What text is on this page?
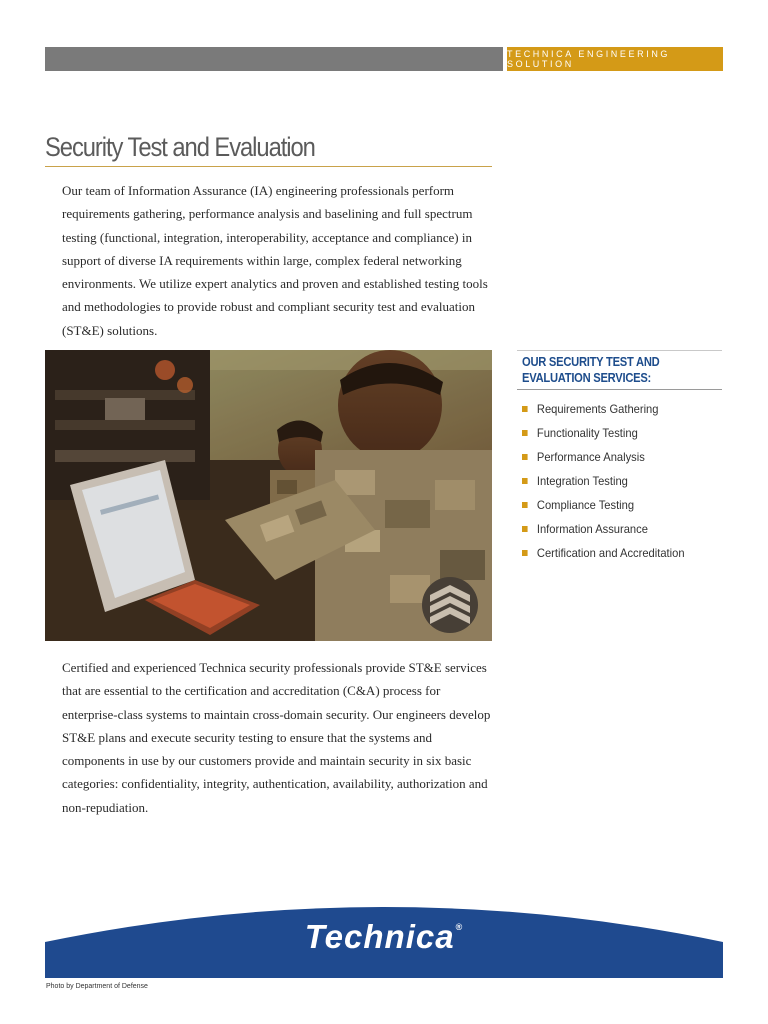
TECHNICA ENGINEERING SOLUTION
Security Test and Evaluation

Our team of Information Assurance (IA) engineering professionals perform requirements gathering, performance analysis and baselining and full spectrum testing (functional, integration, interoperability, acceptance and compliance) in support of diverse IA requirements within large, complex federal networking environments. We utilize expert analytics and proven and established testing tools and methodologies to provide robust and compliant security test and evaluation (ST&E) solutions.

Certified and experienced Technica security professionals provide ST&E services that are essential to the certification and accreditation (C&A) process for enterprise-class systems to maintain cross-domain security. Our engineers develop ST&E plans and execute security testing to ensure that the systems and components in use by our customers provide and maintain security in six basic categories: confidentiality, integrity, authentication, availability, authorization and non-repudiation.

OUR SECURITY TEST AND EVALUATION SERVICES:
Requirements Gathering
Functionality Testing
Performance Analysis
Integration Testing
Compliance Testing
Information Assurance
Certification and Accreditation
Technica®
Photo by Department of Defense
